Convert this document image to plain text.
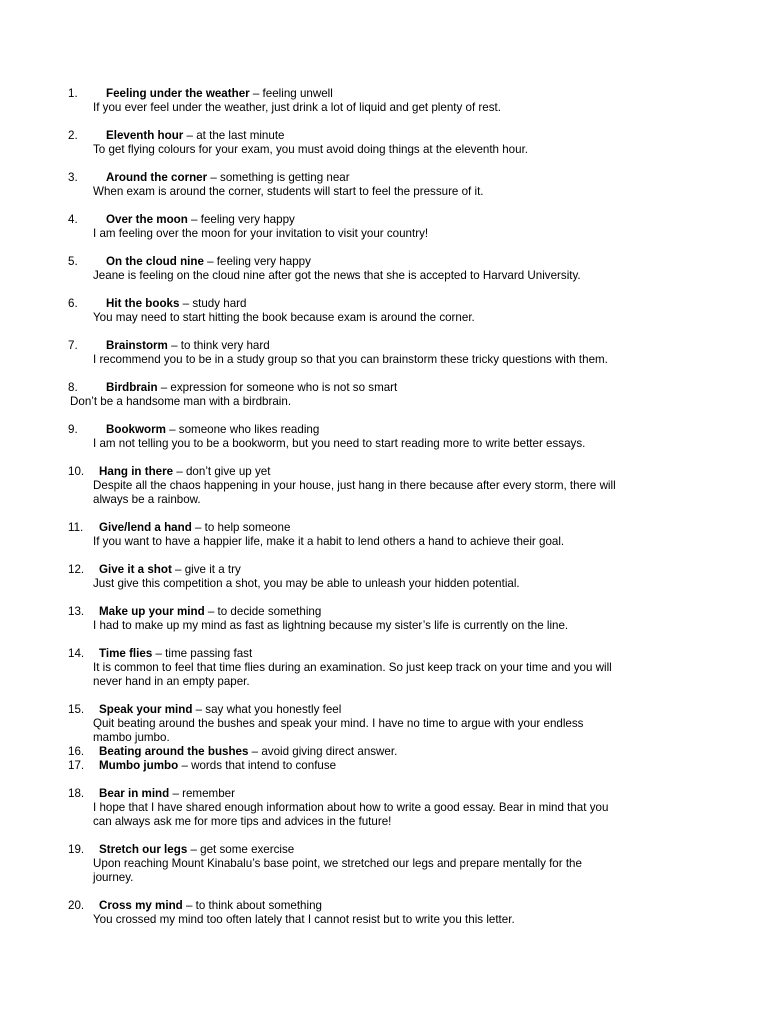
1. Feeling under the weather – feeling unwell
If you ever feel under the weather, just drink a lot of liquid and get plenty of rest.
2. Eleventh hour – at the last minute
To get flying colours for your exam, you must avoid doing things at the eleventh hour.
3. Around the corner – something is getting near
When exam is around the corner, students will start to feel the pressure of it.
4. Over the moon – feeling very happy
I am feeling over the moon for your invitation to visit your country!
5. On the cloud nine – feeling very happy
Jeane is feeling on the cloud nine after got the news that she is accepted to Harvard University.
6. Hit the books – study hard
You may need to start hitting the book because exam is around the corner.
7. Brainstorm – to think very hard
I recommend you to be in a study group so that you can brainstorm these tricky questions with them.
8. Birdbrain – expression for someone who is not so smart
Don’t be a handsome man with a birdbrain.
9. Bookworm – someone who likes reading
I am not telling you to be a bookworm, but you need to start reading more to write better essays.
10. Hang in there – don’t give up yet
Despite all the chaos happening in your house, just hang in there because after every storm, there will
always be a rainbow.
11. Give/lend a hand – to help someone
If you want to have a happier life, make it a habit to lend others a hand to achieve their goal.
12. Give it a shot – give it a try
Just give this competition a shot, you may be able to unleash your hidden potential.
13. Make up your mind – to decide something
I had to make up my mind as fast as lightning because my sister’s life is currently on the line.
14. Time flies – time passing fast
It is common to feel that time flies during an examination. So just keep track on your time and you will
never hand in an empty paper.
15. Speak your mind – say what you honestly feel
Quit beating around the bushes and speak your mind. I have no time to argue with your endless
mambo jumbo.
16. Beating around the bushes – avoid giving direct answer.
17. Mumbo jumbo – words that intend to confuse
18. Bear in mind – remember
I hope that I have shared enough information about how to write a good essay. Bear in mind that you
can always ask me for more tips and advices in the future!
19. Stretch our legs – get some exercise
Upon reaching Mount Kinabalu’s base point, we stretched our legs and prepare mentally for the
journey.
20. Cross my mind – to think about something
You crossed my mind too often lately that I cannot resist but to write you this letter.
